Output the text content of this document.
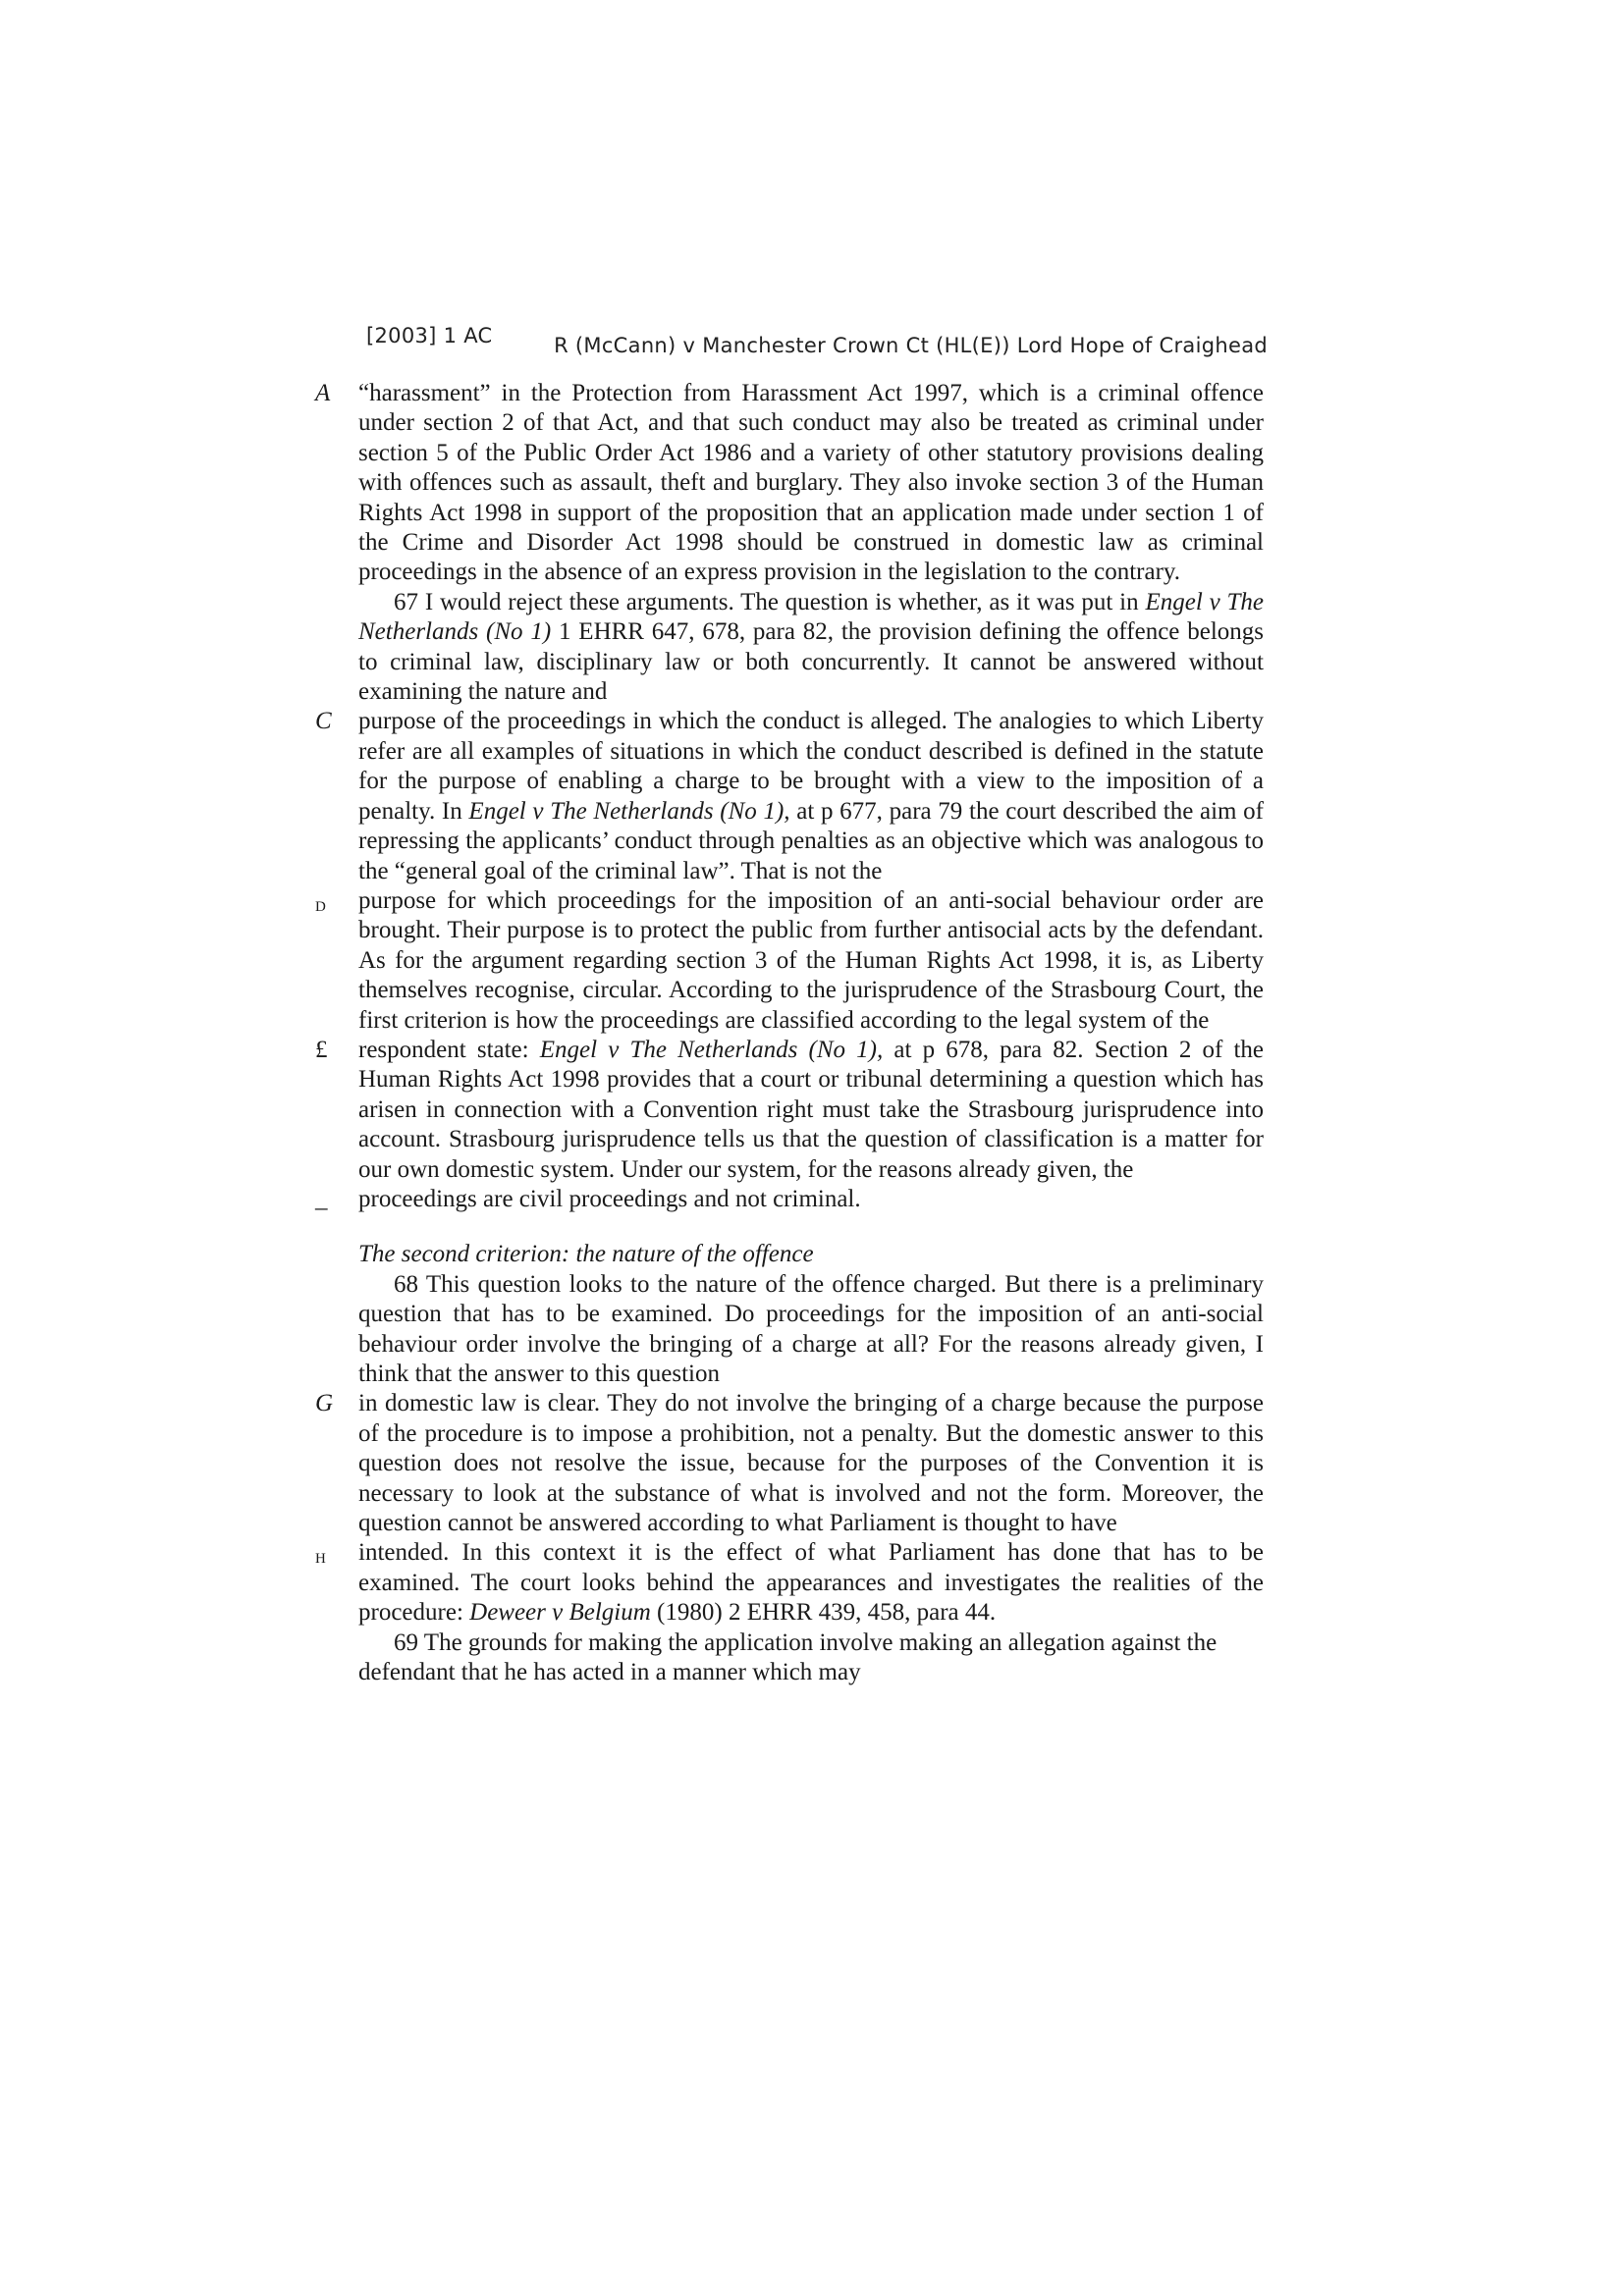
[2003] 1 AC	R (McCann) v Manchester Crown Ct (HL(E)) Lord Hope of Craighead

A “harassment” in the Protection from Harassment Act 1997, which is a criminal offence under section 2 of that Act, and that such conduct may also be treated as criminal under section 5 of the Public Order Act 1986 and a variety of other statutory provisions dealing with offences such as assault, theft and burglary. They also invoke section 3 of the Human Rights Act 1998 in support of the proposition that an application made under section 1 of the Crime and Disorder Act 1998 should be construed in domestic law as criminal proceedings in the absence of an express provision in the legislation to the contrary.

67 I would reject these arguments. The question is whether, as it was put in Engel v The Netherlands (No 1) 1 EHRR 647, 678, para 82, the provision defining the offence belongs to criminal law, disciplinary law or both concurrently. It cannot be answered without examining the nature and

C purpose of the proceedings in which the conduct is alleged. The analogies to which Liberty refer are all examples of situations in which the conduct described is defined in the statute for the purpose of enabling a charge to be brought with a view to the imposition of a penalty. In Engel v The Netherlands (No 1), at p 677, para 79 the court described the aim of repressing the applicants’ conduct through penalties as an objective which was analogous to the “general goal of the criminal law”. That is not the

D purpose for which proceedings for the imposition of an anti-social behaviour order are brought. Their purpose is to protect the public from further antisocial acts by the defendant. As for the argument regarding section 3 of the Human Rights Act 1998, it is, as Liberty themselves recognise, circular. According to the jurisprudence of the Strasbourg Court, the first criterion is how the proceedings are classified according to the legal system of the

£ respondent state: Engel v The Netherlands (No 1), at p 678, para 82. Section 2 of the Human Rights Act 1998 provides that a court or tribunal determining a question which has arisen in connection with a Convention right must take the Strasbourg jurisprudence into account. Strasbourg jurisprudence tells us that the question of classification is a matter for our own domestic system. Under our system, for the reasons already given, the

_ proceedings are civil proceedings and not criminal.

The second criterion: the nature of the offence

68 This question looks to the nature of the offence charged. But there is a preliminary question that has to be examined. Do proceedings for the imposition of an anti-social behaviour order involve the bringing of a charge at all? For the reasons already given, I think that the answer to this question

G in domestic law is clear. They do not involve the bringing of a charge because the purpose of the procedure is to impose a prohibition, not a penalty. But the domestic answer to this question does not resolve the issue, because for the purposes of the Convention it is necessary to look at the substance of what is involved and not the form. Moreover, the question cannot be answered according to what Parliament is thought to have

H intended. In this context it is the effect of what Parliament has done that has to be examined. The court looks behind the appearances and investigates the realities of the procedure: Deweer v Belgium (1980) 2 EHRR 439, 458, para 44.

69 The grounds for making the application involve making an allegation against the defendant that he has acted in a manner which may
